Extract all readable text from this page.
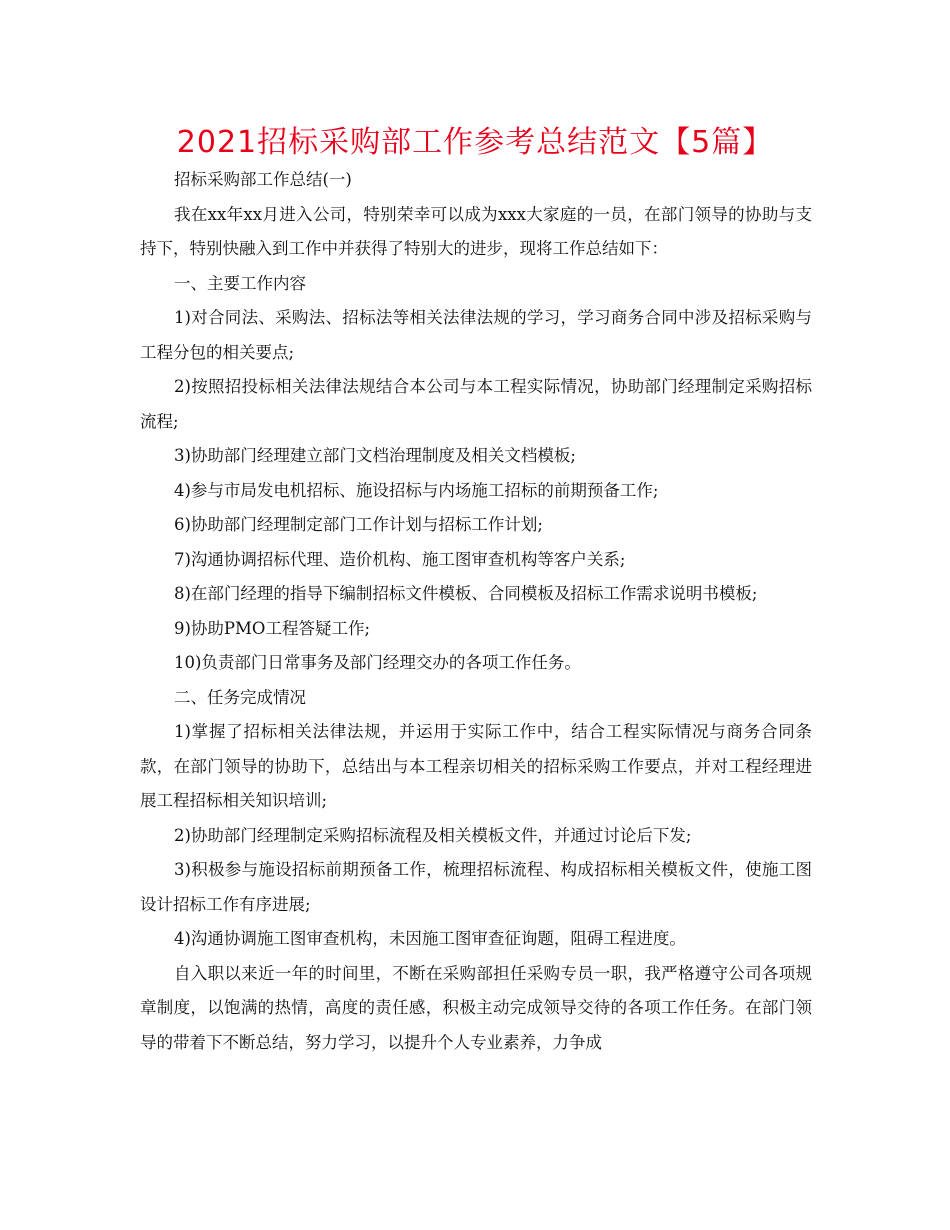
2021招标采购部工作参考总结范文【5篇】

招标采购部工作总结(一)

我在xx年xx月进入公司，特别荣幸可以成为xxx大家庭的一员，在部门领导的协助与支持下，特别快融入到工作中并获得了特别大的进步，现将工作总结如下：

一、主要工作内容

1)对合同法、采购法、招标法等相关法律法规的学习，学习商务合同中涉及招标采购与工程分包的相关要点;

2)按照招投标相关法律法规结合本公司与本工程实际情况，协助部门经理制定采购招标流程;

3)协助部门经理建立部门文档治理制度及相关文档模板;

4)参与市局发电机招标、施设招标与内场施工招标的前期预备工作;

6)协助部门经理制定部门工作计划与招标工作计划;

7)沟通协调招标代理、造价机构、施工图审查机构等客户关系;

8)在部门经理的指导下编制招标文件模板、合同模板及招标工作需求说明书模板;

9)协助PMO工程答疑工作;

10)负责部门日常事务及部门经理交办的各项工作任务。

二、任务完成情况

1)掌握了招标相关法律法规，并运用于实际工作中，结合工程实际情况与商务合同条款，在部门领导的协助下，总结出与本工程亲切相关的招标采购工作要点，并对工程经理进展工程招标相关知识培训;

2)协助部门经理制定采购招标流程及相关模板文件，并通过讨论后下发;

3)积极参与施设招标前期预备工作，梳理招标流程、构成招标相关模板文件，使施工图设计招标工作有序进展;

4)沟通协调施工图审查机构，未因施工图审查征询题，阻碍工程进度。

自入职以来近一年的时间里，不断在采购部担任采购专员一职，我严格遵守公司各项规章制度，以饱满的热情，高度的责任感，积极主动完成领导交待的各项工作任务。在部门领导的带着下不断总结，努力学习，以提升个人专业素养，力争成
